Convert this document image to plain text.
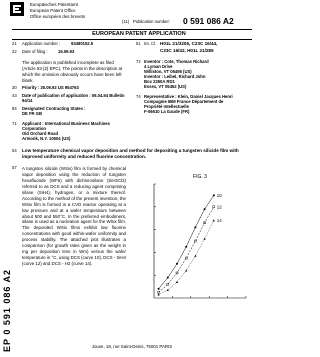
Europäisches Patentamt
European Patent Office
Office européen des brevets
(11) Publication number: 0 591 086 A2
EUROPEAN PATENT APPLICATION
21 Application number :	93480152.5
22 Date of filing : 16.09.93
51 Int. Cl. H01L 21/3205, C23C 16/44,
C23C 16/42, H01L 21/285
The application is published incomplete as filed (Article 93 (2) EPC). The points in the description at which the omission obviously occurs have been left blank.
30 Priority : 30.09.92 US 954763
43 Date of publication of application : 06.04.94 Bulletin 94/14
84 Designated Contracting States : DE FR GB
71 Applicant : International Business Machines
Corporation
Old Orchard Road
Armonk, N.Y. 10504 (US)
72 Inventor : Cote, Thomas Richard
4 Lyman Drive
Williston, VT 05495 (US)
Inventor : Leibel, Richard John
Box 2350A RD1
Essex, VT 05452 (US)
74 Representative : Klein, Daniel Jacques Henri
Compagnie IBM France Département de
Propriété Intellectuelle
F-06610 La Gaude (FR)
54 Low temperature chemical vapor deposition and method for depositing a tungsten silicide film with improved uniformity and reduced fluorine concentration.
57 A tungsten silicide (WSix) film is formed by chemical vapor deposition using the reduction of tungsten hexafluoride (WF6) with dichlorosilane (SiH2Cl2) referred to as DCS and a reducing agent comprising silane (SiH4), hydrogen, or a mixture thereof. According to the method of the present invention, the WSix film is formed in a CVD reactor operating at a low pressure and at a wafer temperature between about 500 and 550°C. In the preferred embodiment, silane is used as a nucleation agent for the WSix film. The deposited WSix films exhibit low fluorine concentrations with good within-wafer uniformity and process stability. The attached plot illustrates a comparison (for growth rates given as the weight in mg per deposition time in Wm) versus the wafer temperature in °C, using DCS (curve 10), DCS - SiH4 (curve 12) and DCS - H2 (curve 14).
FIG. 3
10
12
14
EP 0 591 086 A2	Jouve, 18, rue Saint-Denis, 75001 PARIS
